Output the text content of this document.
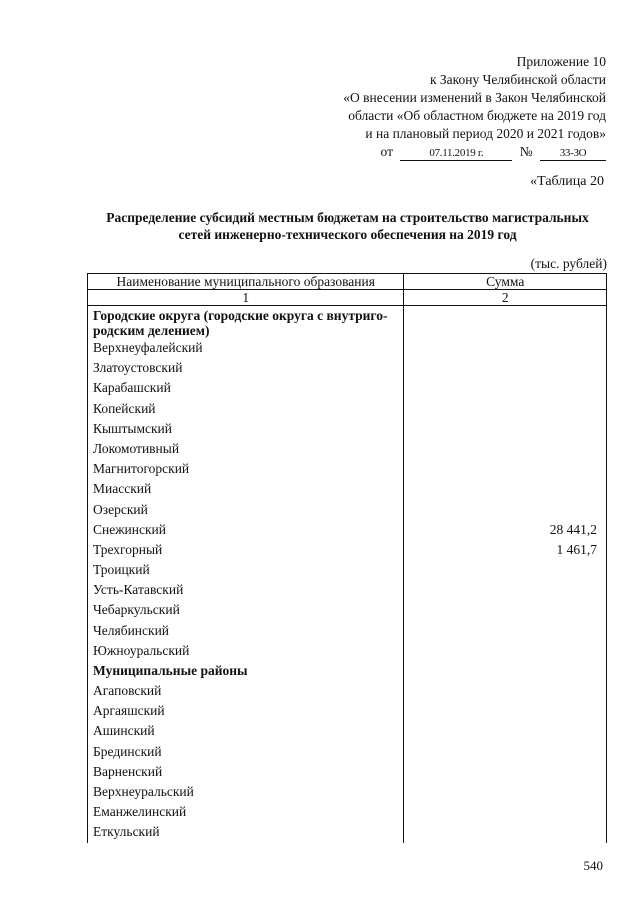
Приложение 10
к Закону Челябинской области
«О внесении изменений в Закон Челябинской
области «Об областном бюджете на 2019 год
и на плановый период 2020 и 2021 годов»
от	07.11.2019 г.	№ 33-ЗО
«Таблица 20
Распределение субсидий местным бюджетам на строительство магистральных
сетей инженерно-технического обеспечения на 2019 год
(тыс. рублей)
Наименование муниципального образования	Сумма
1	2
Городские округа (городские округа с внутриго-
родским делением)	
Верхнеуфалейский	
Златоустовский	
Карабашский	
Копейский	
Кыштымский	
Локомотивный	
Магнитогорский	
Миасский	
Озерский	
Снежинский	28 441,2
Трехгорный	1 461,7
Троицкий	
Усть-Катавский	
Чебаркульский	
Челябинский	
Южноуральский	
Муниципальные районы	
Агаповский	
Аргаяшский	
Ашинский	
Брединский	
Варненский	
Верхнеуральский	
Еманжелинский	
Еткульский	
540
